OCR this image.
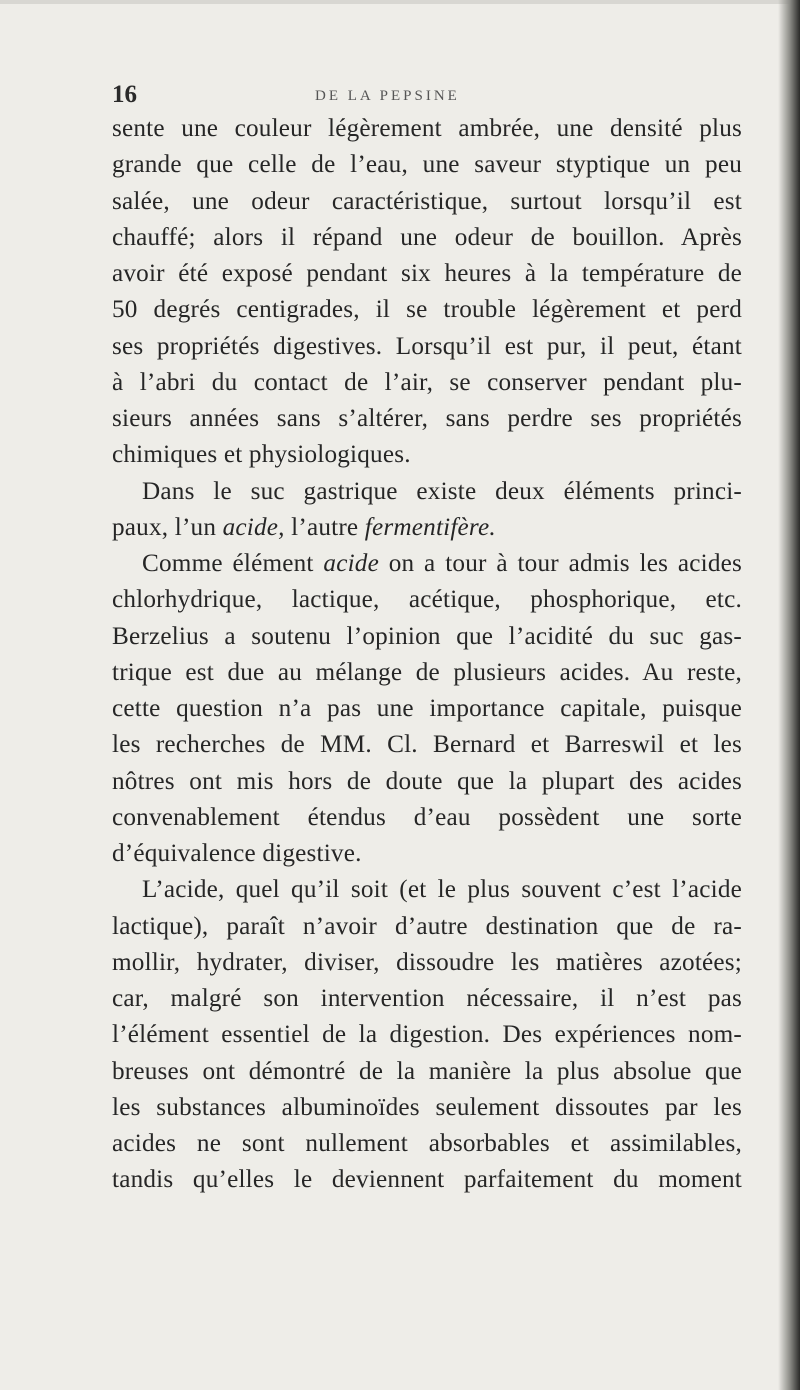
16	DE LA PEPSINE
sente une couleur légèrement ambrée, une densité plus
grande que celle de l’eau, une saveur styptique un peu
salée, une odeur caractéristique, surtout lorsqu’il est
chauffé; alors il répand une odeur de bouillon. Après
avoir été exposé pendant six heures à la température de
50 degrés centigrades, il se trouble légèrement et perd
ses propriétés digestives. Lorsqu’il est pur, il peut, étant
à l’abri du contact de l’air, se conserver pendant plu-
sieurs années sans s’altérer, sans perdre ses propriétés
chimiques et physiologiques.
Dans le suc gastrique existe deux éléments princi-
paux, l’un acide, l’autre fermentifère.
Comme élément acide on a tour à tour admis les acides
chlorhydrique, lactique, acétique, phosphorique, etc.
Berzelius a soutenu l’opinion que l’acidité du suc gas-
trique est due au mélange de plusieurs acides. Au reste,
cette question n’a pas une importance capitale, puisque
les recherches de MM. Cl. Bernard et Barreswil et les
nôtres ont mis hors de doute que la plupart des acides
convenablement étendus d’eau possèdent une sorte
d’équivalence digestive.
L’acide, quel qu’il soit (et le plus souvent c’est l’acide
lactique), paraît n’avoir d’autre destination que de ra-
mollir, hydrater, diviser, dissoudre les matières azotées;
car, malgré son intervention nécessaire, il n’est pas
l’élément essentiel de la digestion. Des expériences nom-
breuses ont démontré de la manière la plus absolue que
les substances albuminoïdes seulement dissoutes par les
acides ne sont nullement absorbables et assimilables,
tandis qu’elles le deviennent parfaitement du moment
